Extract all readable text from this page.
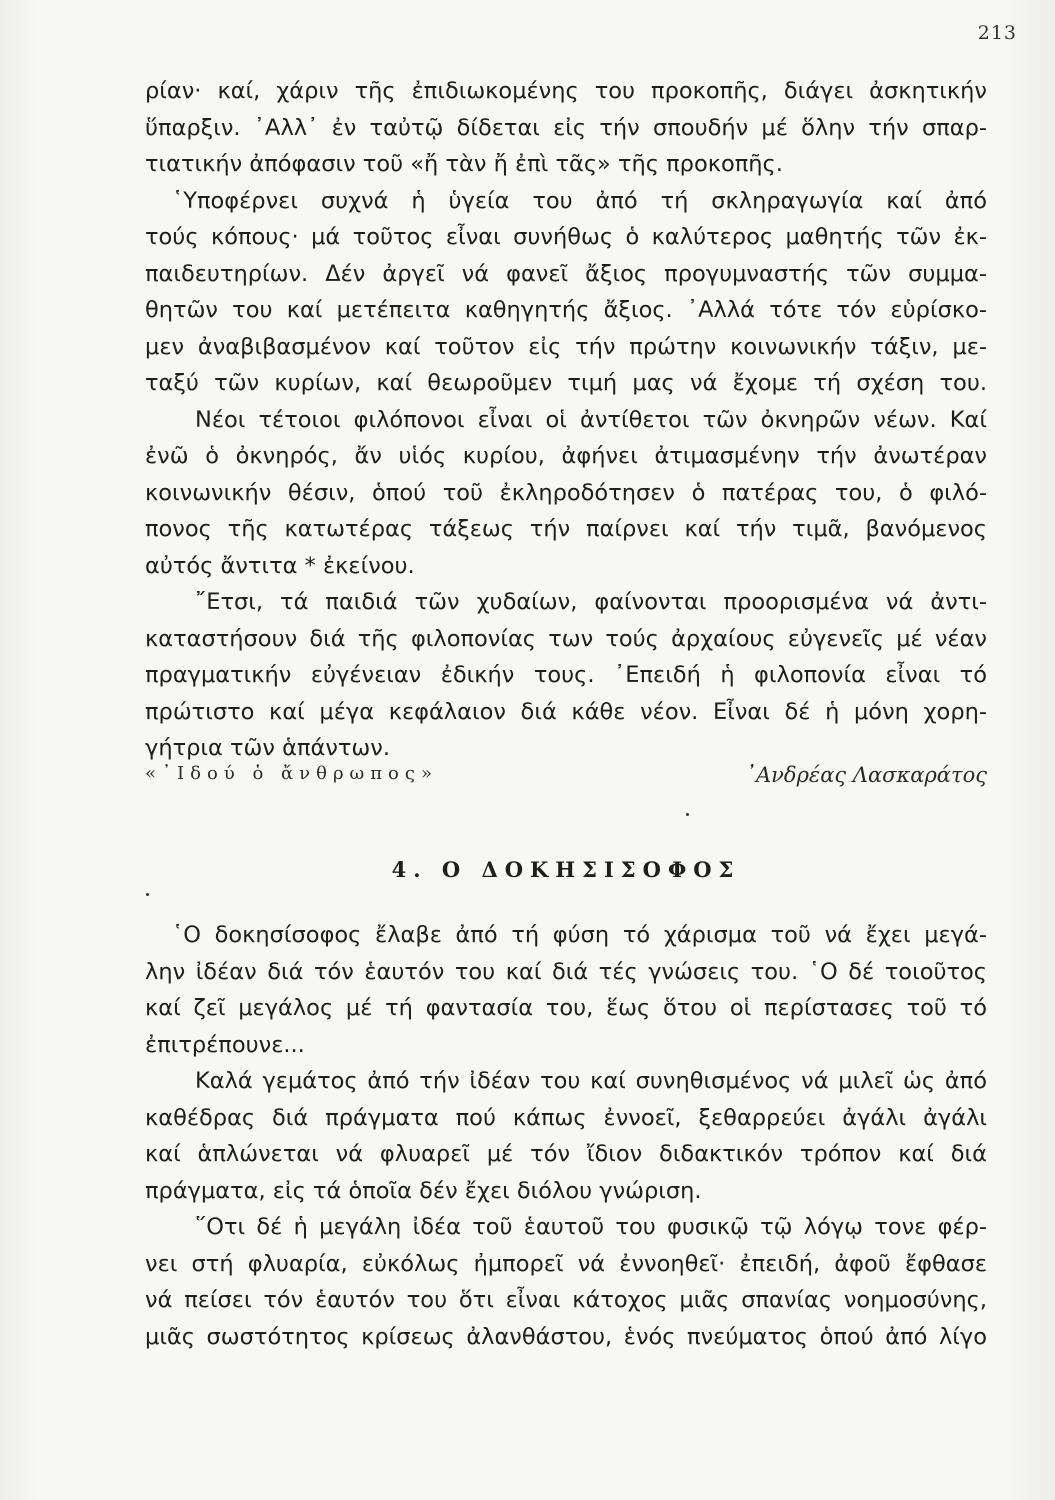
213
ρίαν· καί, χάριν τῆς ἐπιδιωκομένης του προκοπῆς, διάγει ἀσκητικήν
ὕπαρξιν. ᾽Αλλ᾽ ἐν ταὐτῷ δίδεται εἰς τήν σπουδήν μέ ὅλην τήν σπαρ-
τιατικήν ἀπόφασιν τοῦ «ἤ τὰν ἤ ἐπὶ τᾶς» τῆς προκοπῆς.
῾Υποφέρνει συχνά ἡ ὑγεία του ἀπό τή σκληραγωγία καί ἀπό
τούς κόπους· μά τοῦτος εἶναι συνήθως ὁ καλύτερος μαθητής τῶν ἐκ-
παιδευτηρίων. Δέν ἀργεῖ νά φανεῖ ἄξιος προγυμναστής τῶν συμμα-
θητῶν του καί μετέπειτα καθηγητής ἄξιος. ᾽Αλλά τότε τόν εὑρίσκο-
μεν ἀναβιβασμένον καί τοῦτον εἰς τήν πρώτην κοινωνικήν τάξιν, με-
ταξύ τῶν κυρίων, καί θεωροῦμεν τιμή μας νά ἔχομε τή σχέση του.
Νέοι τέτοιοι φιλόπονοι εἶναι οἱ ἀντίθετοι τῶν ὀκνηρῶν νέων. Καί
ἐνῶ ὁ ὀκνηρός, ἄν υἱός κυρίου, ἀφήνει ἀτιμασμένην τήν ἀνωτέραν
κοινωνικήν θέσιν, ὁπού τοῦ ἐκληροδότησεν ὁ πατέρας του, ὁ φιλό-
πονος τῆς κατωτέρας τάξεως τήν παίρνει καί τήν τιμᾶ, βανόμενος
αὐτός ἄντιτα * ἐκείνου.
῎Ετσι, τά παιδιά τῶν χυδαίων, φαίνονται προορισμένα νά ἀντι-
καταστήσουν διά τῆς φιλοπονίας των τούς ἀρχαίους εὐγενεῖς μέ νέαν
πραγματικήν εὐγένειαν ἐδικήν τους. ᾽Επειδή ἡ φιλοπονία εἶναι τό
πρώτιστο καί μέγα κεφάλαιον διά κάθε νέον. Εἶναι δέ ἡ μόνη χορη-
γήτρια τῶν ἁπάντων.
«᾽Ιδού ὁ ἄνθρωπος»	᾽Ανδρέας Λασκαράτος
4. Ο ΔΟΚΗΣΙΣΟΦΟΣ
῾Ο δοκησίσοφος ἔλαβε ἀπό τή φύση τό χάρισμα τοῦ νά ἔχει μεγά-
λην ἰδέαν διά τόν ἑαυτόν του καί διά τές γνώσεις του. ῾Ο δέ τοιοῦτος
καί ζεῖ μεγάλος μέ τή φαντασία του, ἕως ὅτου οἱ περίστασες τοῦ τό
ἐπιτρέπουνε...
Καλά γεμάτος ἀπό τήν ἰδέαν του καί συνηθισμένος νά μιλεῖ ὡς ἀπό
καθέδρας διά πράγματα πού κάπως ἐννοεῖ, ξεθαρρεύει ἀγάλι ἀγάλι
καί ἁπλώνεται νά φλυαρεῖ μέ τόν ἴδιον διδακτικόν τρόπον καί διά
πράγματα, εἰς τά ὁποῖα δέν ἔχει διόλου γνώριση.
῞Οτι δέ ἡ μεγάλη ἰδέα τοῦ ἑαυτοῦ του φυσικῷ τῷ λόγῳ τονε φέρ-
νει στή φλυαρία, εὐκόλως ἠμπορεῖ νά ἐννοηθεῖ· ἐπειδή, ἀφοῦ ἔφθασε
νά πείσει τόν ἑαυτόν του ὅτι εἶναι κάτοχος μιᾶς σπανίας νοημοσύνης,
μιᾶς σωστότητος κρίσεως ἀλανθάστου, ἑνός πνεύματος ὁπού ἀπό λίγο
